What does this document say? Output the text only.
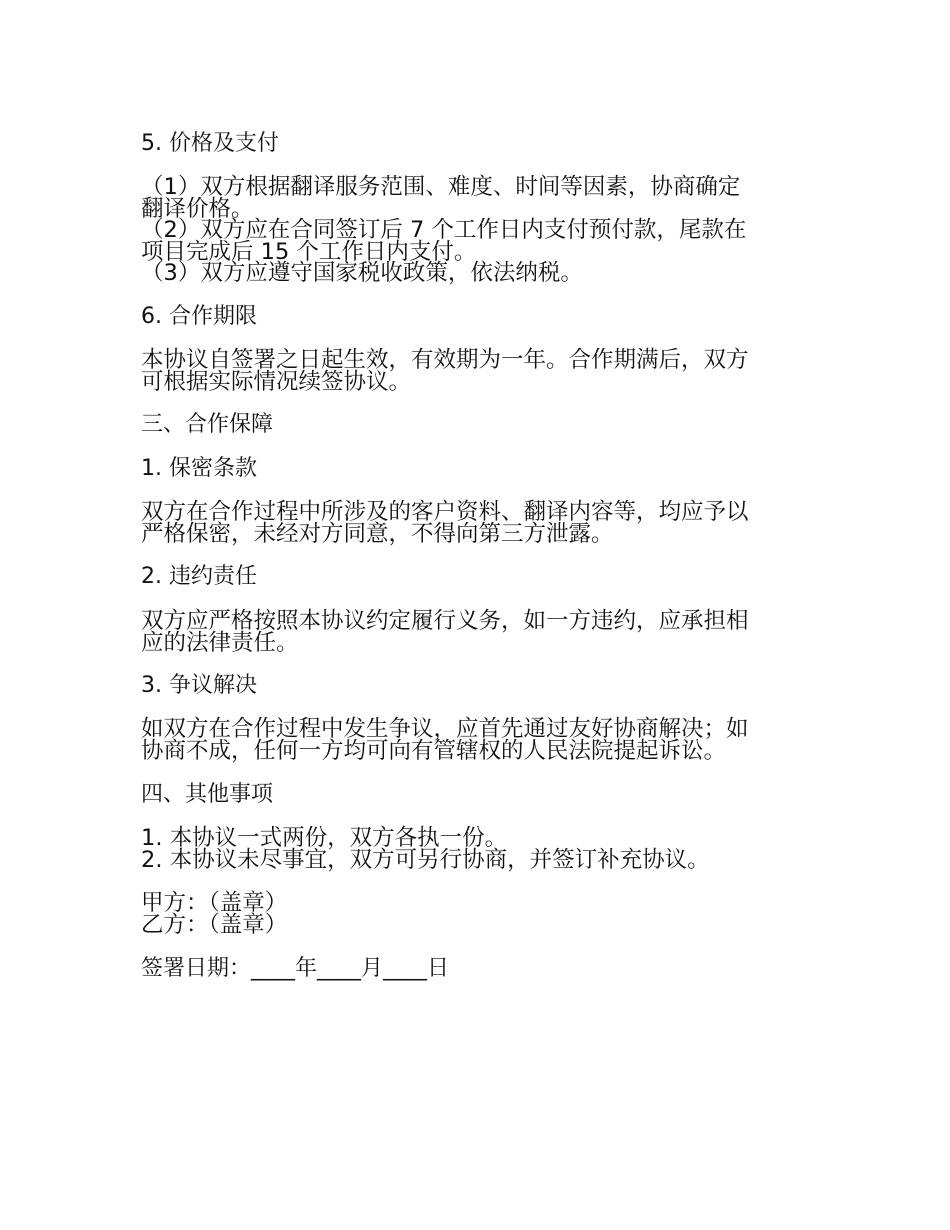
5. 价格及支付
（1）双方根据翻译服务范围、难度、时间等因素，协商确定
翻译价格。
（2）双方应在合同签订后 7 个工作日内支付预付款，尾款在
项目完成后 15 个工作日内支付。
（3）双方应遵守国家税收政策，依法纳税。
6. 合作期限
本协议自签署之日起生效，有效期为一年。合作期满后，双方
可根据实际情况续签协议。
三、合作保障
1. 保密条款
双方在合作过程中所涉及的客户资料、翻译内容等，均应予以
严格保密，未经对方同意，不得向第三方泄露。
2. 违约责任
双方应严格按照本协议约定履行义务，如一方违约，应承担相
应的法律责任。
3. 争议解决
如双方在合作过程中发生争议，应首先通过友好协商解决；如
协商不成，任何一方均可向有管辖权的人民法院提起诉讼。
四、其他事项
1. 本协议一式两份，双方各执一份。
2. 本协议未尽事宜，双方可另行协商，并签订补充协议。
甲方：（盖章）
乙方：（盖章）
签署日期：____年____月____日
